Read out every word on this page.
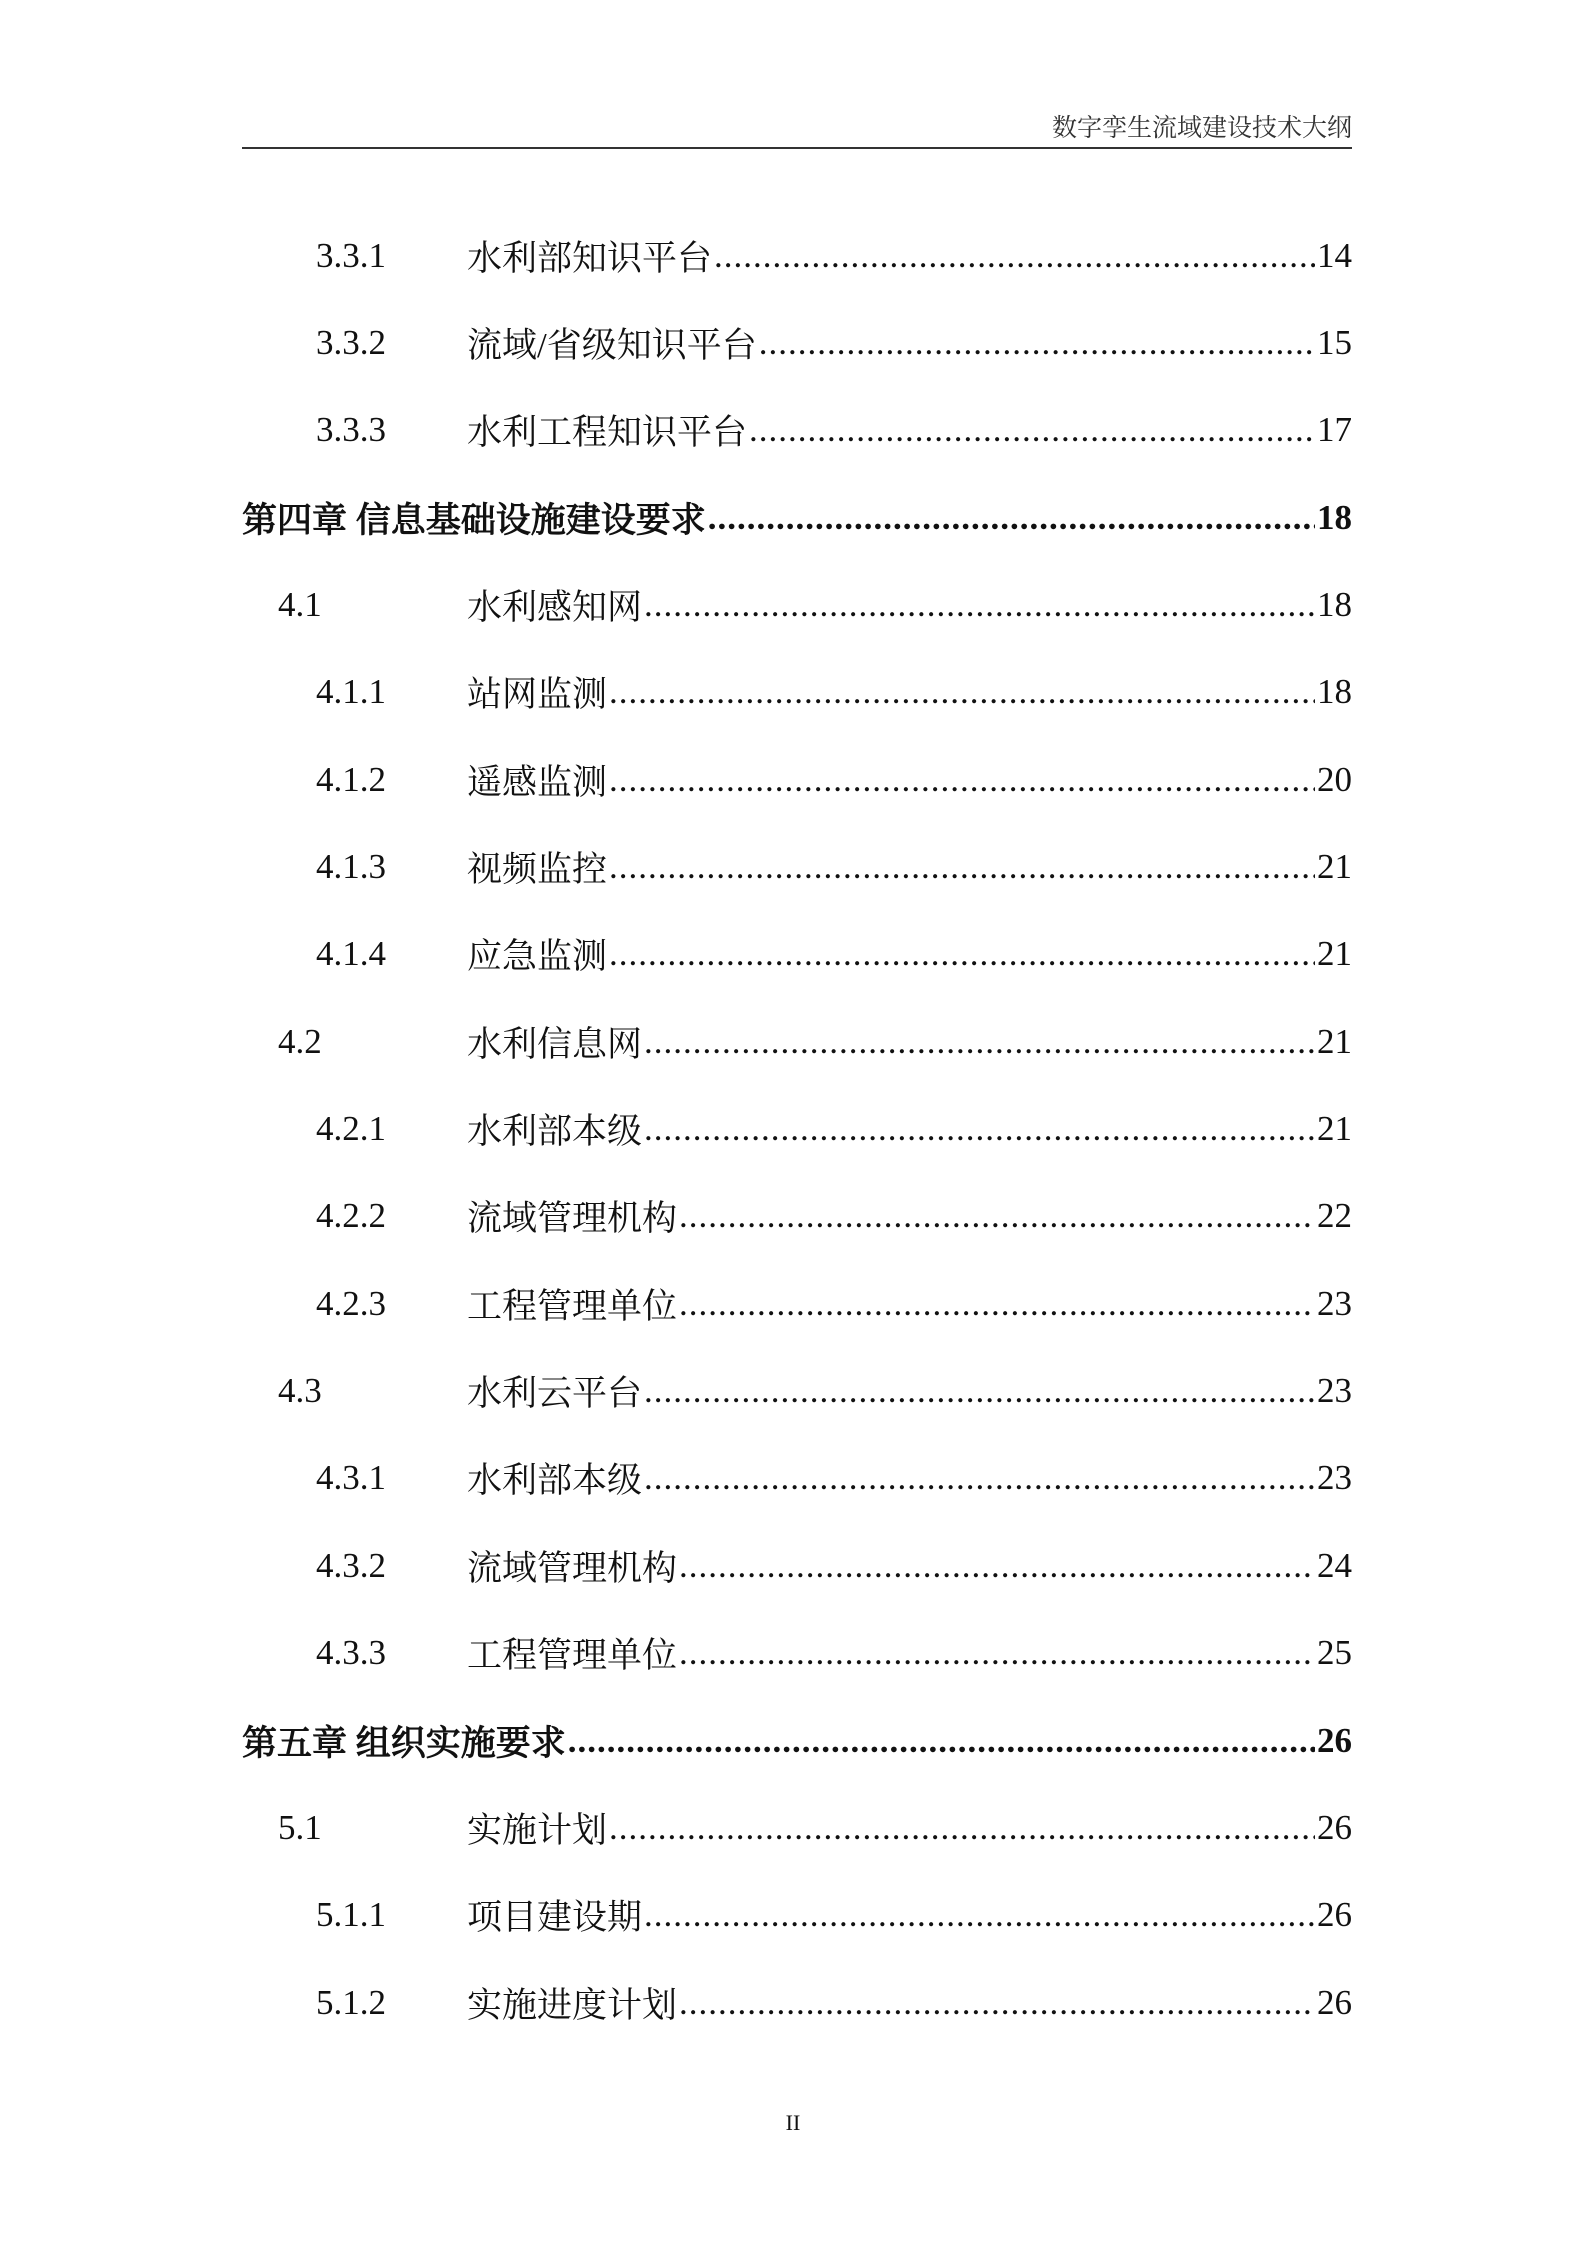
数字孪生流域建设技术大纲
3.3.1 水利部知识平台 .....	14
3.3.2 流域/省级知识平台 .....	15
3.3.3 水利工程知识平台 .....	17
第四章 信息基础设施建设要求 .....	18
4.1	水利感知网 .....	18
4.1.1 站网监测 .....	18
4.1.2 遥感监测 .....	20
4.1.3 视频监控 .....	21
4.1.4 应急监测 .....	21
4.2	水利信息网 .....	21
4.2.1 水利部本级 .....	21
4.2.2 流域管理机构 .....	22
4.2.3 工程管理单位 .....	23
4.3	水利云平台 .....	23
4.3.1 水利部本级 .....	23
4.3.2 流域管理机构 .....	24
4.3.3 工程管理单位 .....	25
第五章 组织实施要求 .....	26
5.1	实施计划 .....	26
5.1.1 项目建设期 .....	26
5.1.2 实施进度计划 .....	26
II
